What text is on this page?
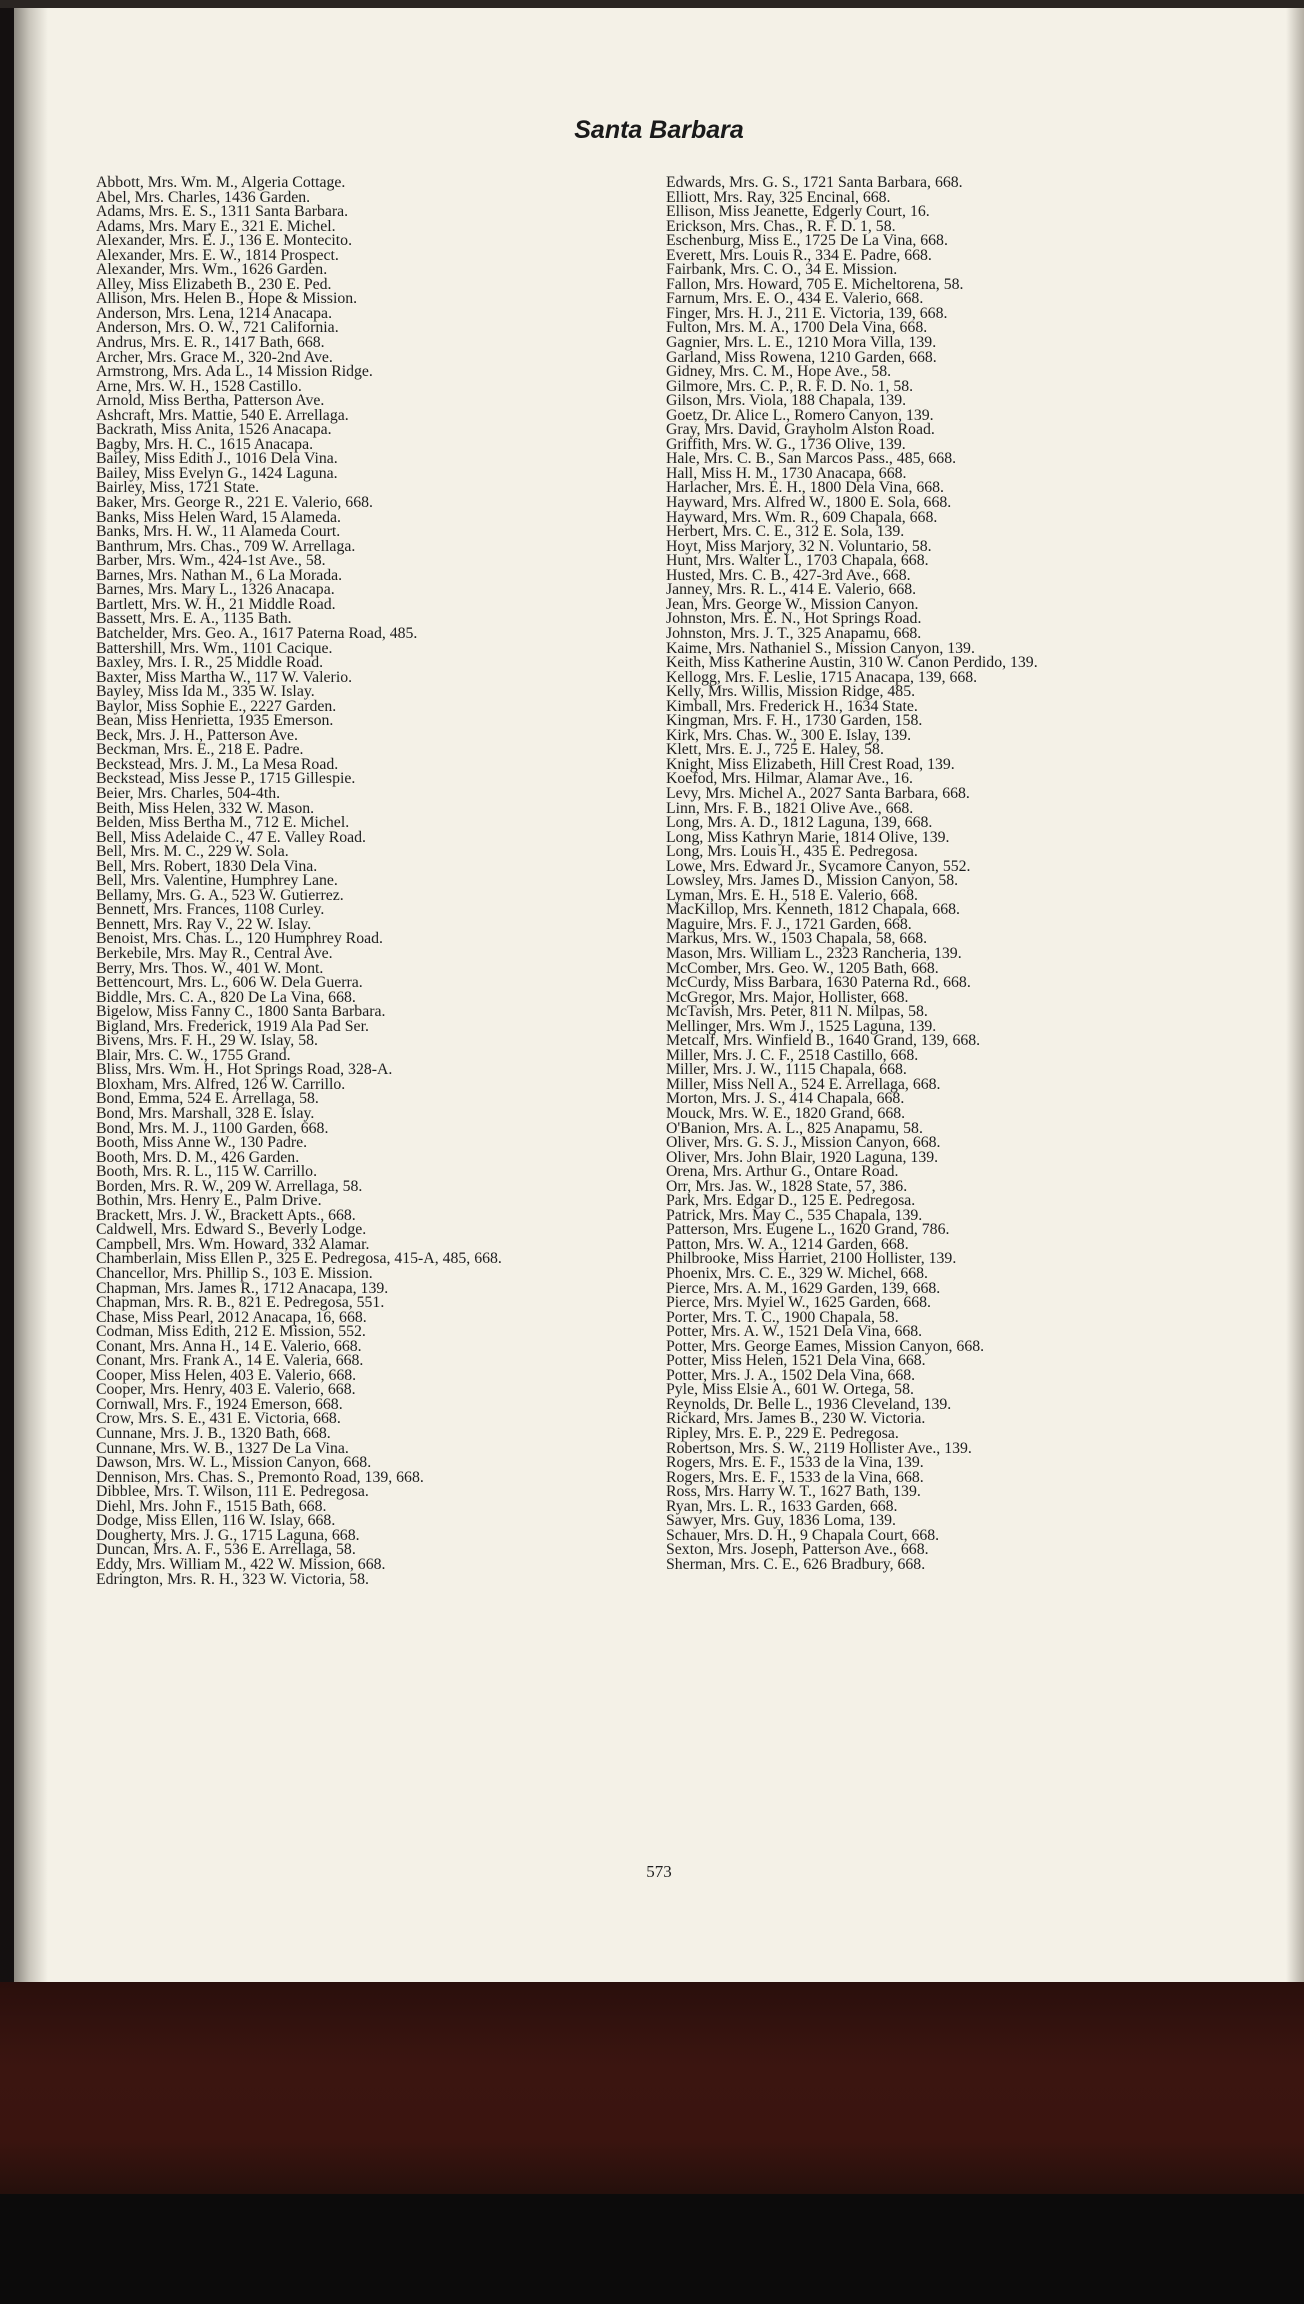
Santa Barbara

Abbott, Mrs. Wm. M., Algeria Cottage.

Abel, Mrs. Charles, 1436 Garden.

Adams, Mrs. E. S., 1311 Santa Barbara.

Adams, Mrs. Mary E., 321 E. Michel.

Alexander, Mrs. E. J., 136 E. Montecito.

Alexander, Mrs. E. W., 1814 Prospect.

Alexander, Mrs. Wm., 1626 Garden.

Alley, Miss Elizabeth B., 230 E. Ped.

Allison, Mrs. Helen B., Hope & Mission.

Anderson, Mrs. Lena, 1214 Anacapa.

Anderson, Mrs. O. W., 721 California.

Andrus, Mrs. E. R., 1417 Bath, 668.

Archer, Mrs. Grace M., 320-2nd Ave.

Armstrong, Mrs. Ada L., 14 Mission Ridge.

Arne, Mrs. W. H., 1528 Castillo.

Arnold, Miss Bertha, Patterson Ave.

Ashcraft, Mrs. Mattie, 540 E. Arrellaga.

Backrath, Miss Anita, 1526 Anacapa.

Bagby, Mrs. H. C., 1615 Anacapa.

Bailey, Miss Edith J., 1016 Dela Vina.

Bailey, Miss Evelyn G., 1424 Laguna.

Bairley, Miss, 1721 State.

Baker, Mrs. George R., 221 E. Valerio, 668.

Banks, Miss Helen Ward, 15 Alameda.

Banks, Mrs. H. W., 11 Alameda Court.

Banthrum, Mrs. Chas., 709 W. Arrellaga.

Barber, Mrs. Wm., 424-1st Ave., 58.

Barnes, Mrs. Nathan M., 6 La Morada.

Barnes, Mrs. Mary L., 1326 Anacapa.

Bartlett, Mrs. W. H., 21 Middle Road.

Bassett, Mrs. E. A., 1135 Bath.

Batchelder, Mrs. Geo. A., 1617 Paterna Road, 485.

Battershill, Mrs. Wm., 1101 Cacique.

Baxley, Mrs. I. R., 25 Middle Road.

Baxter, Miss Martha W., 117 W. Valerio.

Bayley, Miss Ida M., 335 W. Islay.

Baylor, Miss Sophie E., 2227 Garden.

Bean, Miss Henrietta, 1935 Emerson.

Beck, Mrs. J. H., Patterson Ave.

Beckman, Mrs. E., 218 E. Padre.

Beckstead, Mrs. J. M., La Mesa Road.

Beckstead, Miss Jesse P., 1715 Gillespie.

Beier, Mrs. Charles, 504-4th.

Beith, Miss Helen, 332 W. Mason.

Belden, Miss Bertha M., 712 E. Michel.

Bell, Miss Adelaide C., 47 E. Valley Road.

Bell, Mrs. M. C., 229 W. Sola.

Bell, Mrs. Robert, 1830 Dela Vina.

Bell, Mrs. Valentine, Humphrey Lane.

Bellamy, Mrs. G. A., 523 W. Gutierrez.

Bennett, Mrs. Frances, 1108 Curley.

Bennett, Mrs. Ray V., 22 W. Islay.

Benoist, Mrs. Chas. L., 120 Humphrey Road.

Berkebile, Mrs. May R., Central Ave.

Berry, Mrs. Thos. W., 401 W. Mont.

Bettencourt, Mrs. L., 606 W. Dela Guerra.

Biddle, Mrs. C. A., 820 De La Vina, 668.

Bigelow, Miss Fanny C., 1800 Santa Barbara.

Bigland, Mrs. Frederick, 1919 Ala Pad Ser.

Bivens, Mrs. F. H., 29 W. Islay, 58.

Blair, Mrs. C. W., 1755 Grand.

Bliss, Mrs. Wm. H., Hot Springs Road, 328-A.

Bloxham, Mrs. Alfred, 126 W. Carrillo.

Bond, Emma, 524 E. Arrellaga, 58.

Bond, Mrs. Marshall, 328 E. Islay.

Bond, Mrs. M. J., 1100 Garden, 668.

Booth, Miss Anne W., 130 Padre.

Booth, Mrs. D. M., 426 Garden.

Booth, Mrs. R. L., 115 W. Carrillo.

Borden, Mrs. R. W., 209 W. Arrellaga, 58.

Bothin, Mrs. Henry E., Palm Drive.

Brackett, Mrs. J. W., Brackett Apts., 668.

Caldwell, Mrs. Edward S., Beverly Lodge.

Campbell, Mrs. Wm. Howard, 332 Alamar.

Chamberlain, Miss Ellen P., 325 E. Pedregosa, 415-A, 485, 668.

Chancellor, Mrs. Phillip S., 103 E. Mission.

Chapman, Mrs. James R., 1712 Anacapa, 139.

Chapman, Mrs. R. B., 821 E. Pedregosa, 551.

Chase, Miss Pearl, 2012 Anacapa, 16, 668.

Codman, Miss Edith, 212 E. Mission, 552.

Conant, Mrs. Anna H., 14 E. Valerio, 668.

Conant, Mrs. Frank A., 14 E. Valeria, 668.

Cooper, Miss Helen, 403 E. Valerio, 668.

Cooper, Mrs. Henry, 403 E. Valerio, 668.

Cornwall, Mrs. F., 1924 Emerson, 668.

Crow, Mrs. S. E., 431 E. Victoria, 668.

Cunnane, Mrs. J. B., 1320 Bath, 668.

Cunnane, Mrs. W. B., 1327 De La Vina.

Dawson, Mrs. W. L., Mission Canyon, 668.

Dennison, Mrs. Chas. S., Premonto Road, 139, 668.

Dibblee, Mrs. T. Wilson, 111 E. Pedregosa.

Diehl, Mrs. John F., 1515 Bath, 668.

Dodge, Miss Ellen, 116 W. Islay, 668.

Dougherty, Mrs. J. G., 1715 Laguna, 668.

Duncan, Mrs. A. F., 536 E. Arrellaga, 58.

Eddy, Mrs. William M., 422 W. Mission, 668.

Edrington, Mrs. R. H., 323 W. Victoria, 58.

Edwards, Mrs. G. S., 1721 Santa Barbara, 668.

Elliott, Mrs. Ray, 325 Encinal, 668.

Ellison, Miss Jeanette, Edgerly Court, 16.

Erickson, Mrs. Chas., R. F. D. 1, 58.

Eschenburg, Miss E., 1725 De La Vina, 668.

Everett, Mrs. Louis R., 334 E. Padre, 668.

Fairbank, Mrs. C. O., 34 E. Mission.

Fallon, Mrs. Howard, 705 E. Micheltorena, 58.

Farnum, Mrs. E. O., 434 E. Valerio, 668.

Finger, Mrs. H. J., 211 E. Victoria, 139, 668.

Fulton, Mrs. M. A., 1700 Dela Vina, 668.

Gagnier, Mrs. L. E., 1210 Mora Villa, 139.

Garland, Miss Rowena, 1210 Garden, 668.

Gidney, Mrs. C. M., Hope Ave., 58.

Gilmore, Mrs. C. P., R. F. D. No. 1, 58.

Gilson, Mrs. Viola, 188 Chapala, 139.

Goetz, Dr. Alice L., Romero Canyon, 139.

Gray, Mrs. David, Grayholm Alston Road.

Griffith, Mrs. W. G., 1736 Olive, 139.

Hale, Mrs. C. B., San Marcos Pass., 485, 668.

Hall, Miss H. M., 1730 Anacapa, 668.

Harlacher, Mrs. E. H., 1800 Dela Vina, 668.

Hayward, Mrs. Alfred W., 1800 E. Sola, 668.

Hayward, Mrs. Wm. R., 609 Chapala, 668.

Herbert, Mrs. C. E., 312 E. Sola, 139.

Hoyt, Miss Marjory, 32 N. Voluntario, 58.

Hunt, Mrs. Walter L., 1703 Chapala, 668.

Husted, Mrs. C. B., 427-3rd Ave., 668.

Janney, Mrs. R. L., 414 E. Valerio, 668.

Jean, Mrs. George W., Mission Canyon.

Johnston, Mrs. E. N., Hot Springs Road.

Johnston, Mrs. J. T., 325 Anapamu, 668.

Kaime, Mrs. Nathaniel S., Mission Canyon, 139.

Keith, Miss Katherine Austin, 310 W. Canon Perdido, 139.

Kellogg, Mrs. F. Leslie, 1715 Anacapa, 139, 668.

Kelly, Mrs. Willis, Mission Ridge, 485.

Kimball, Mrs. Frederick H., 1634 State.

Kingman, Mrs. F. H., 1730 Garden, 158.

Kirk, Mrs. Chas. W., 300 E. Islay, 139.

Klett, Mrs. E. J., 725 E. Haley, 58.

Knight, Miss Elizabeth, Hill Crest Road, 139.

Koefod, Mrs. Hilmar, Alamar Ave., 16.

Levy, Mrs. Michel A., 2027 Santa Barbara, 668.

Linn, Mrs. F. B., 1821 Olive Ave., 668.

Long, Mrs. A. D., 1812 Laguna, 139, 668.

Long, Miss Kathryn Marie, 1814 Olive, 139.

Long, Mrs. Louis H., 435 E. Pedregosa.

Lowe, Mrs. Edward Jr., Sycamore Canyon, 552.

Lowsley, Mrs. James D., Mission Canyon, 58.

Lyman, Mrs. E. H., 518 E. Valerio, 668.

MacKillop, Mrs. Kenneth, 1812 Chapala, 668.

Maguire, Mrs. F. J., 1721 Garden, 668.

Markus, Mrs. W., 1503 Chapala, 58, 668.

Mason, Mrs. William L., 2323 Rancheria, 139.

McComber, Mrs. Geo. W., 1205 Bath, 668.

McCurdy, Miss Barbara, 1630 Paterna Rd., 668.

McGregor, Mrs. Major, Hollister, 668.

McTavish, Mrs. Peter, 811 N. Milpas, 58.

Mellinger, Mrs. Wm J., 1525 Laguna, 139.

Metcalf, Mrs. Winfield B., 1640 Grand, 139, 668.

Miller, Mrs. J. C. F., 2518 Castillo, 668.

Miller, Mrs. J. W., 1115 Chapala, 668.

Miller, Miss Nell A., 524 E. Arrellaga, 668.

Morton, Mrs. J. S., 414 Chapala, 668.

Mouck, Mrs. W. E., 1820 Grand, 668.

O'Banion, Mrs. A. L., 825 Anapamu, 58.

Oliver, Mrs. G. S. J., Mission Canyon, 668.

Oliver, Mrs. John Blair, 1920 Laguna, 139.

Orena, Mrs. Arthur G., Ontare Road.

Orr, Mrs. Jas. W., 1828 State, 57, 386.

Park, Mrs. Edgar D., 125 E. Pedregosa.

Patrick, Mrs. May C., 535 Chapala, 139.

Patterson, Mrs. Eugene L., 1620 Grand, 786.

Patton, Mrs. W. A., 1214 Garden, 668.

Philbrooke, Miss Harriet, 2100 Hollister, 139.

Phoenix, Mrs. C. E., 329 W. Michel, 668.

Pierce, Mrs. A. M., 1629 Garden, 139, 668.

Pierce, Mrs. Myiel W., 1625 Garden, 668.

Porter, Mrs. T. C., 1900 Chapala, 58.

Potter, Mrs. A. W., 1521 Dela Vina, 668.

Potter, Mrs. George Eames, Mission Canyon, 668.

Potter, Miss Helen, 1521 Dela Vina, 668.

Potter, Mrs. J. A., 1502 Dela Vina, 668.

Pyle, Miss Elsie A., 601 W. Ortega, 58.

Reynolds, Dr. Belle L., 1936 Cleveland, 139.

Rickard, Mrs. James B., 230 W. Victoria.

Ripley, Mrs. E. P., 229 E. Pedregosa.

Robertson, Mrs. S. W., 2119 Hollister Ave., 139.

Rogers, Mrs. E. F., 1533 de la Vina, 139.

Rogers, Mrs. E. F., 1533 de la Vina, 668.

Ross, Mrs. Harry W. T., 1627 Bath, 139.

Ryan, Mrs. L. R., 1633 Garden, 668.

Sawyer, Mrs. Guy, 1836 Loma, 139.

Schauer, Mrs. D. H., 9 Chapala Court, 668.

Sexton, Mrs. Joseph, Patterson Ave., 668.

Sherman, Mrs. C. E., 626 Bradbury, 668.

573
